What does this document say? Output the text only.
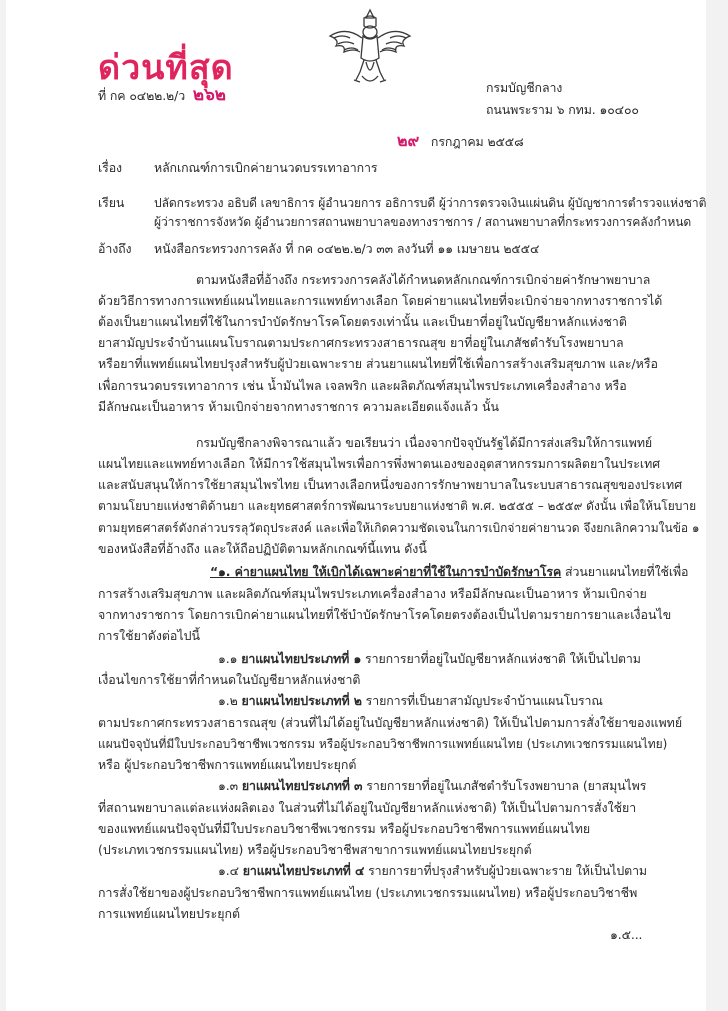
ด่วนที่สุด
ที่ กค ๐๔๒๒.๒/ว ๒๖๒	กรมบัญชีกลาง
ถนนพระราม ๖ กทม. ๑๐๔๐๐
๒๙ กรกฎาคม ๒๕๕๘
เรื่อง	หลักเกณฑ์การเบิกค่ายานวดบรรเทาอาการ
เรียน ปลัดกระทรวง อธิบดี เลขาธิการ ผู้อำนวยการ อธิการบดี ผู้ว่าการตรวจเงินแผ่นดิน ผู้บัญชาการตำรวจแห่งชาติ
ผู้ว่าราชการจังหวัด ผู้อำนวยการสถานพยาบาลของทางราชการ / สถานพยาบาลที่กระทรวงการคลังกำหนด
อ้างถึง หนังสือกระทรวงการคลัง ที่ กค ๐๔๒๒.๒/ว ๓๓ ลงวันที่ ๑๑ เมษายน ๒๕๕๔
ตามหนังสือที่อ้างถึง กระทรวงการคลังได้กำหนดหลักเกณฑ์การเบิกจ่ายค่ารักษาพยาบาล
ด้วยวิธีการทางการแพทย์แผนไทยและการแพทย์ทางเลือก โดยค่ายาแผนไทยที่จะเบิกจ่ายจากทางราชการได้
ต้องเป็นยาแผนไทยที่ใช้ในการบำบัดรักษาโรคโดยตรงเท่านั้น และเป็นยาที่อยู่ในบัญชียาหลักแห่งชาติ
ยาสามัญประจำบ้านแผนโบราณตามประกาศกระทรวงสาธารณสุข ยาที่อยู่ในเภสัชตำรับโรงพยาบาล
หรือยาที่แพทย์แผนไทยปรุงสำหรับผู้ป่วยเฉพาะราย ส่วนยาแผนไทยที่ใช้เพื่อการสร้างเสริมสุขภาพ และ/หรือ
เพื่อการนวดบรรเทาอาการ เช่น น้ำมันไพล เจลพริก และผลิตภัณฑ์สมุนไพรประเภทเครื่องสำอาง หรือ
มีลักษณะเป็นอาหาร ห้ามเบิกจ่ายจากทางราชการ ความละเอียดแจ้งแล้ว นั้น
กรมบัญชีกลางพิจารณาแล้ว ขอเรียนว่า เนื่องจากปัจจุบันรัฐได้มีการส่งเสริมให้การแพทย์
แผนไทยและแพทย์ทางเลือก ให้มีการใช้สมุนไพรเพื่อการพึ่งพาตนเองของอุตสาหกรรมการผลิตยาในประเทศ
และสนับสนุนให้การใช้ยาสมุนไพรไทย เป็นทางเลือกหนึ่งของการรักษาพยาบาลในระบบสาธารณสุขของประเทศ
ตามนโยบายแห่งชาติด้านยา และยุทธศาสตร์การพัฒนาระบบยาแห่งชาติ พ.ศ. ๒๕๕๕ – ๒๕๕๙ ดังนั้น เพื่อให้นโยบาย
ตามยุทธศาสตร์ดังกล่าวบรรลุวัตถุประสงค์ และเพื่อให้เกิดความชัดเจนในการเบิกจ่ายค่ายานวด จึงยกเลิกความในข้อ ๑
ของหนังสือที่อ้างถึง และให้ถือปฏิบัติตามหลักเกณฑ์นี้แทน ดังนี้
“๑. ค่ายาแผนไทย ให้เบิกได้เฉพาะค่ายาที่ใช้ในการบำบัดรักษาโรค ส่วนยาแผนไทยที่ใช้เพื่อ
การสร้างเสริมสุขภาพ และผลิตภัณฑ์สมุนไพรประเภทเครื่องสำอาง หรือมีลักษณะเป็นอาหาร ห้ามเบิกจ่าย
จากทางราชการ โดยการเบิกค่ายาแผนไทยที่ใช้บำบัดรักษาโรคโดยตรงต้องเป็นไปตามรายการยาและเงื่อนไข
การใช้ยาดังต่อไปนี้
๑.๑ ยาแผนไทยประเภทที่ ๑ รายการยาที่อยู่ในบัญชียาหลักแห่งชาติ ให้เป็นไปตาม
เงื่อนไขการใช้ยาที่กำหนดในบัญชียาหลักแห่งชาติ
๑.๒ ยาแผนไทยประเภทที่ ๒ รายการที่เป็นยาสามัญประจำบ้านแผนโบราณ
ตามประกาศกระทรวงสาธารณสุข (ส่วนที่ไม่ได้อยู่ในบัญชียาหลักแห่งชาติ) ให้เป็นไปตามการสั่งใช้ยาของแพทย์
แผนปัจจุบันที่มีใบประกอบวิชาชีพเวชกรรม หรือผู้ประกอบวิชาชีพการแพทย์แผนไทย (ประเภทเวชกรรมแผนไทย)
หรือ ผู้ประกอบวิชาชีพการแพทย์แผนไทยประยุกต์
๑.๓ ยาแผนไทยประเภทที่ ๓ รายการยาที่อยู่ในเภสัชตำรับโรงพยาบาล (ยาสมุนไพร
ที่สถานพยาบาลแต่ละแห่งผลิตเอง ในส่วนที่ไม่ได้อยู่ในบัญชียาหลักแห่งชาติ) ให้เป็นไปตามการสั่งใช้ยา
ของแพทย์แผนปัจจุบันที่มีใบประกอบวิชาชีพเวชกรรม หรือผู้ประกอบวิชาชีพการแพทย์แผนไทย
(ประเภทเวชกรรมแผนไทย) หรือผู้ประกอบวิชาชีพสาขาการแพทย์แผนไทยประยุกต์
๑.๔ ยาแผนไทยประเภทที่ ๔ รายการยาที่ปรุงสำหรับผู้ป่วยเฉพาะราย ให้เป็นไปตาม
การสั่งใช้ยาของผู้ประกอบวิชาชีพการแพทย์แผนไทย (ประเภทเวชกรรมแผนไทย) หรือผู้ประกอบวิชาชีพ
การแพทย์แผนไทยประยุกต์
๑.๕...
